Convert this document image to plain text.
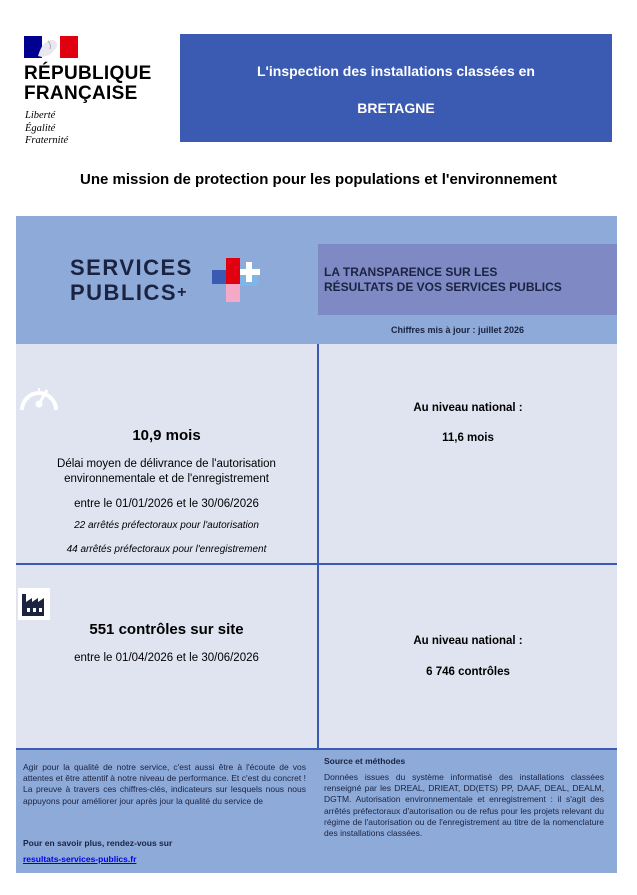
RÉPUBLIQUE
FRANÇAISE
Liberté
Égalité
Fraternité
L'inspection des installations classées en
BRETAGNE
Une mission de protection pour les populations et l'environnement
SERVICES
PUBLICS+
LA TRANSPARENCE SUR LES
RÉSULTATS DE VOS SERVICES PUBLICS
Chiffres mis à jour : juillet 2026
10,9 mois
Délai moyen de délivrance de l'autorisation
environnementale et de l'enregistrement
entre le 01/01/2026 et le 30/06/2026
22 arrêtés préfectoraux pour l'autorisation
44 arrêtés préfectoraux pour l'enregistrement
Au niveau national :
11,6 mois
551 contrôles sur site
entre le 01/04/2026 et le 30/06/2026
Au niveau national :
6 746 contrôles
Agir pour la qualité de notre service, c'est aussi être à l'écoute de vos attentes et être attentif à notre niveau de performance. Et c'est du concret ! La preuve à travers ces chiffres-clés, indicateurs sur lesquels nous nous appuyons pour améliorer jour après jour la qualité du service de
Pour en savoir plus, rendez-vous sur
resultats-services-publics.fr
Source et méthodes
Données issues du système informatisé des installations classées renseigné par les DREAL, DRIEAT, DD(ETS) PP, DAAF, DEAL, DEALM, DGTM. Autorisation environnementale et enregistrement : il s'agit des arrêtés préfectoraux d'autorisation ou de refus pour les projets relevant du régime de l'autorisation ou de l'enregistrement au titre de la nomenclature des installations classées.
